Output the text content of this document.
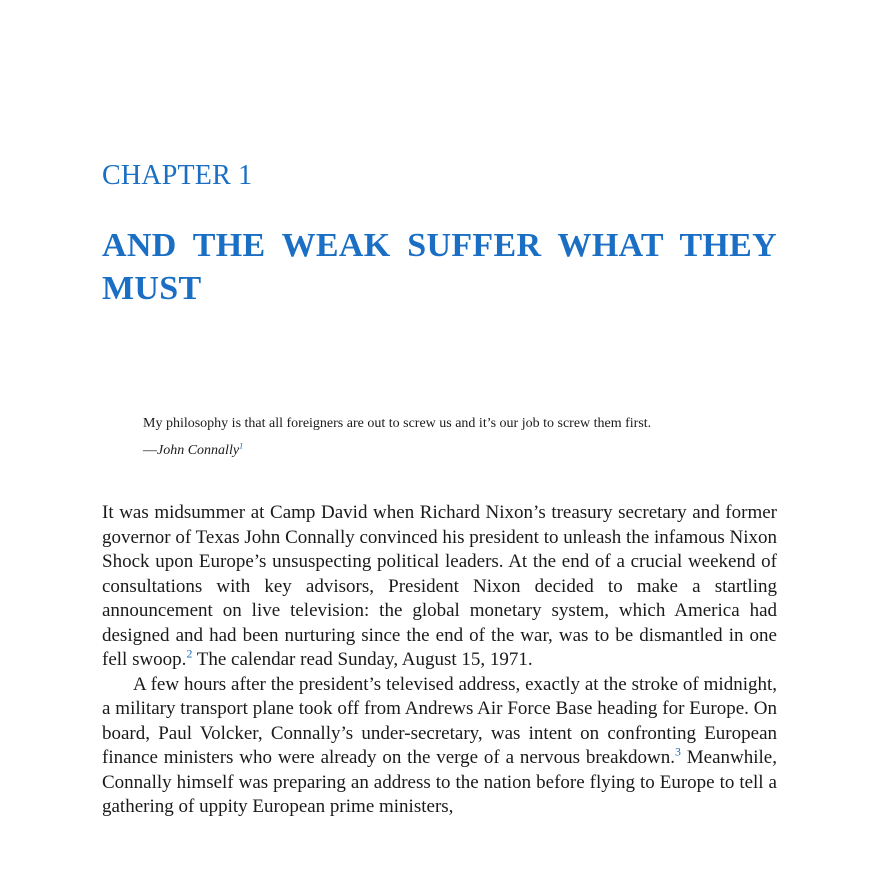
CHAPTER 1
AND THE WEAK SUFFER WHAT THEY MUST

My philosophy is that all foreigners are out to screw us and it’s our job to screw them first.

—John Connally$^1$

It was midsummer at Camp David when Richard Nixon’s treasury secretary and former governor of Texas John Connally convinced his president to unleash the infamous Nixon Shock upon Europe’s unsuspecting political leaders. At the end of a crucial weekend of consultations with key advisors, President Nixon decided to make a startling announcement on live television: the global monetary system, which America had designed and had been nurturing since the end of the war, was to be dismantled in one fell swoop.$^2$ The calendar read Sunday, August 15, 1971.

A few hours after the president’s televised address, exactly at the stroke of midnight, a military transport plane took off from Andrews Air Force Base heading for Europe. On board, Paul Volcker, Connally’s under-secretary, was intent on confronting European finance ministers who were already on the verge of a nervous breakdown.$^3$ Meanwhile, Connally himself was preparing an address to the nation before flying to Europe to tell a gathering of uppity European prime ministers,
